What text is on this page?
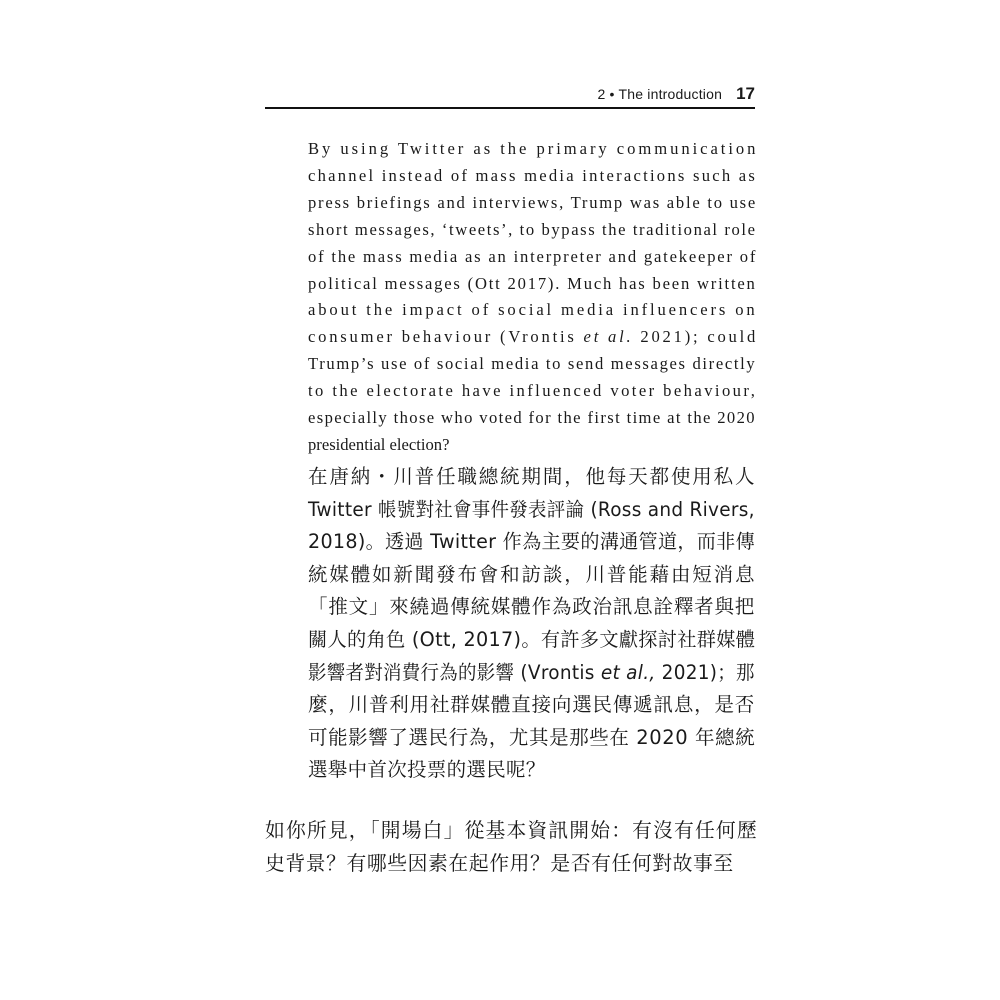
2 • The introduction 17
By using Twitter as the primary communication
channel instead of mass media interactions such as
press briefings and interviews, Trump was able to use
short messages, ‘tweets’, to bypass the traditional role
of the mass media as an interpreter and gatekeeper of
political messages (Ott 2017). Much has been written
about the impact of social media influencers on
consumer behaviour (Vrontis et al. 2021); could
Trump’s use of social media to send messages directly
to the electorate have influenced voter behaviour,
especially those who voted for the first time at the 2020
presidential election?
在唐納・川普任職總統期間，他每天都使用私人
Twitter 帳號對社會事件發表評論 (Ross and Rivers,
2018)。透過 Twitter 作為主要的溝通管道，而非傳
統媒體如新聞發布會和訪談，川普能藉由短消息
「推文」來繞過傳統媒體作為政治訊息詮釋者與把
關人的角色 (Ott, 2017)。有許多文獻探討社群媒體
影響者對消費行為的影響 (Vrontis et al., 2021)；那
麼，川普利用社群媒體直接向選民傳遞訊息，是否
可能影響了選民行為，尤其是那些在 2020 年總統
選舉中首次投票的選民呢？
如你所見，「開場白」從基本資訊開始：有沒有任何歷
史背景？有哪些因素在起作用？是否有任何對故事至
